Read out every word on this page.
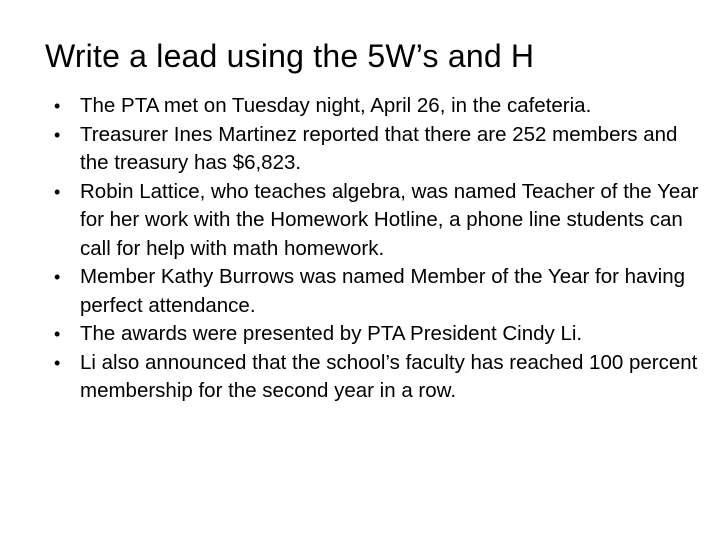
Write a lead using the 5W’s and H
• The PTA met on Tuesday night, April 26, in the cafeteria.
• Treasurer Ines Martinez reported that there are 252 members and the treasury has $6,823.
• Robin Lattice, who teaches algebra, was named Teacher of the Year for her work with the Homework Hotline, a phone line students can call for help with math homework.
• Member Kathy Burrows was named Member of the Year for having perfect attendance.
• The awards were presented by PTA President Cindy Li.
• Li also announced that the school’s faculty has reached 100 percent membership for the second year in a row.
